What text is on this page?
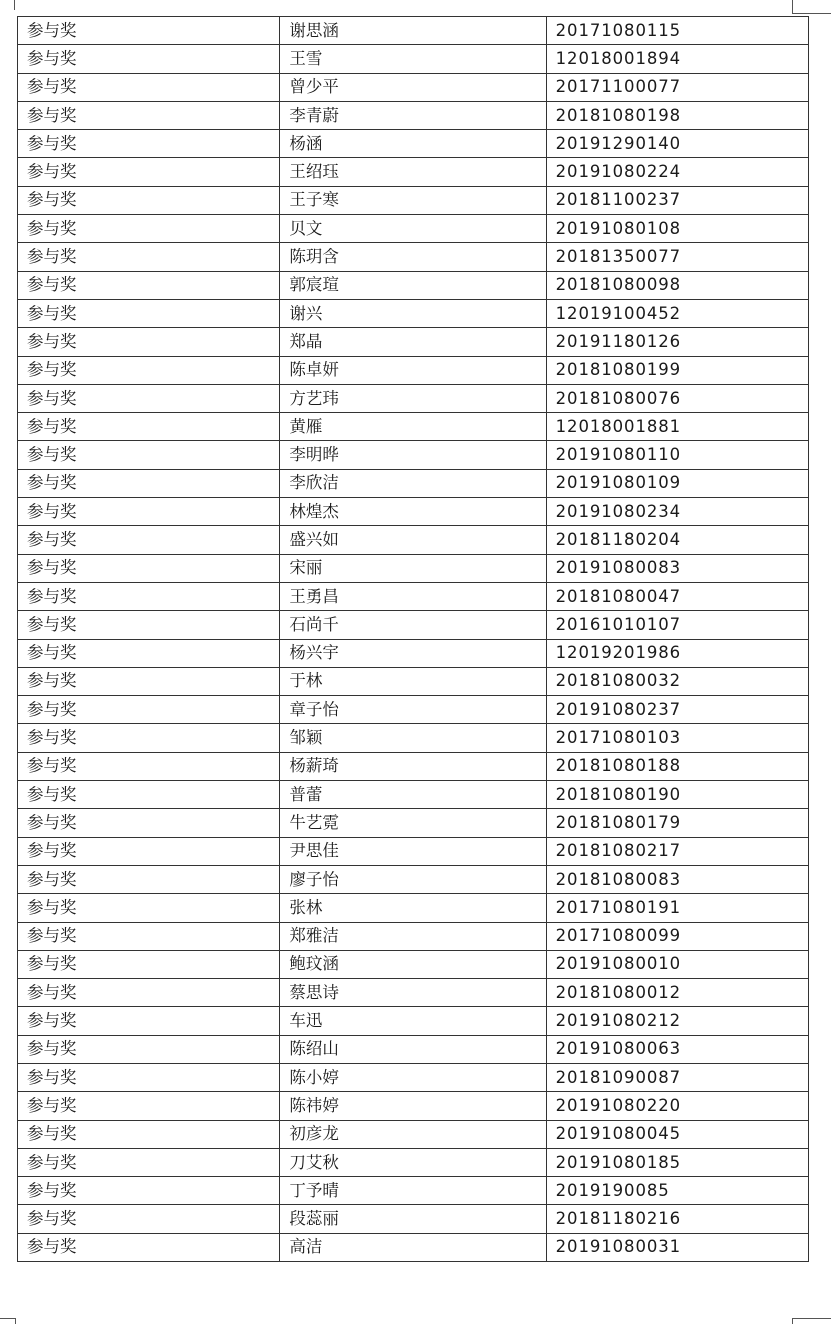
参与奖	谢思涵	20171080115
参与奖	王雪	12018001894
参与奖	曾少平	20171100077
参与奖	李青蔚	20181080198
参与奖	杨涵	20191290140
参与奖	王绍珏	20191080224
参与奖	王子寒	20181100237
参与奖	贝文	20191080108
参与奖	陈玥含	20181350077
参与奖	郭宸瑄	20181080098
参与奖	谢兴	12019100452
参与奖	郑晶	20191180126
参与奖	陈卓妍	20181080199
参与奖	方艺玮	20181080076
参与奖	黄雁	12018001881
参与奖	李明晔	20191080110
参与奖	李欣洁	20191080109
参与奖	林煌杰	20191080234
参与奖	盛兴如	20181180204
参与奖	宋丽	20191080083
参与奖	王勇昌	20181080047
参与奖	石尚千	20161010107
参与奖	杨兴宇	12019201986
参与奖	于林	20181080032
参与奖	章子怡	20191080237
参与奖	邹颖	20171080103
参与奖	杨薪琦	20181080188
参与奖	普蕾	20181080190
参与奖	牛艺霓	20181080179
参与奖	尹思佳	20181080217
参与奖	廖子怡	20181080083
参与奖	张林	20171080191
参与奖	郑雅洁	20171080099
参与奖	鲍玟涵	20191080010
参与奖	蔡思诗	20181080012
参与奖	车迅	20191080212
参与奖	陈绍山	20191080063
参与奖	陈小婷	20181090087
参与奖	陈祎婷	20191080220
参与奖	初彦龙	20191080045
参与奖	刀艾秋	20191080185
参与奖	丁予晴	2019190085
参与奖	段蕊丽	20181180216
参与奖	高洁	20191080031
